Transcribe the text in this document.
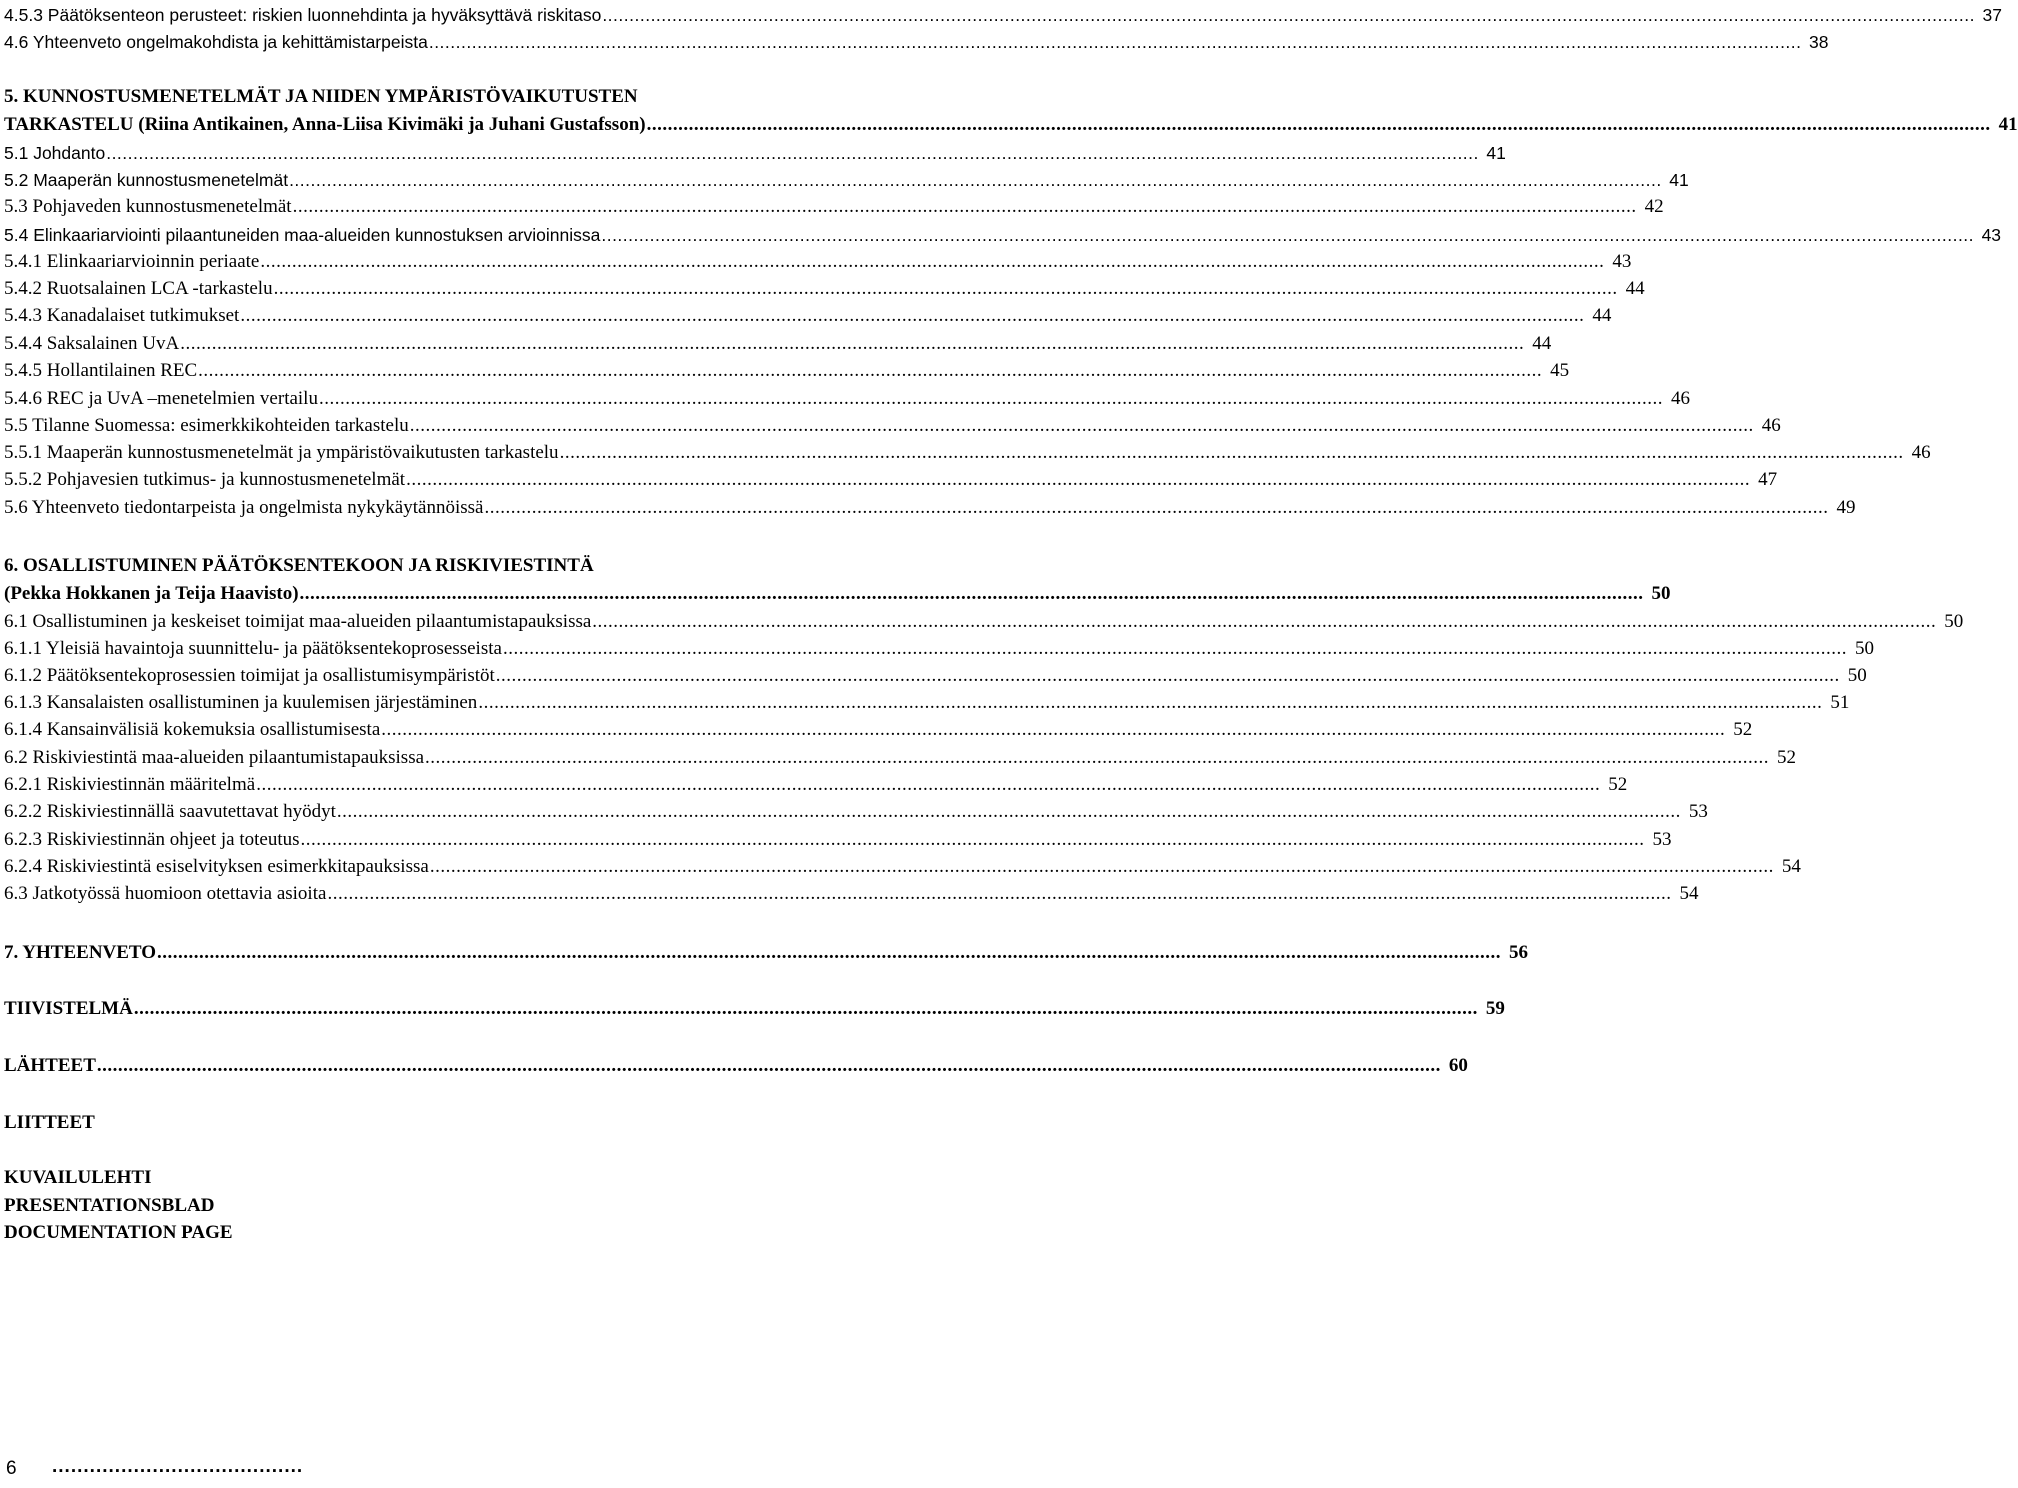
4.5.3 Päätöksenteon perusteet: riskien luonnehdinta ja hyväksyttävä riskitaso .....	37
4.6 Yhteenveto ongelmakohdista ja kehittämistarpeista .....	38
5. KUNNOSTUSMENETELMÄT JA NIIDEN YMPÄRISTÖVAIKUTUSTEN
TARKASTELU (Riina Antikainen, Anna-Liisa Kivimäki ja Juhani Gustafsson) .....	41
5.1 Johdanto .....	41
5.2 Maaperän kunnostusmenetelmät .....	41
5.3 Pohjaveden kunnostusmenetelmät .....	42
5.4 Elinkaariarviointi pilaantuneiden maa-alueiden kunnostuksen arvioinnissa .....	43
5.4.1 Elinkaariarvioinnin periaate .....	43
5.4.2 Ruotsalainen LCA -tarkastelu .....	44
5.4.3 Kanadalaiset tutkimukset .....	44
5.4.4 Saksalainen UvA .....	44
5.4.5 Hollantilainen REC .....	45
5.4.6 REC ja UvA –menetelmien vertailu .....	46
5.5 Tilanne Suomessa: esimerkkikohteiden tarkastelu .....	46
5.5.1 Maaperän kunnostusmenetelmät ja ympäristövaikutusten tarkastelu .....	46
5.5.2 Pohjavesien tutkimus- ja kunnostusmenetelmät .....	47
5.6 Yhteenveto tiedontarpeista ja ongelmista nykykäytännöissä .....	49
6. OSALLISTUMINEN PÄÄTÖKSENTEKOON JA RISKIVIESTINTÄ
(Pekka Hokkanen ja Teija Haavisto) .....	50
6.1 Osallistuminen ja keskeiset toimijat maa-alueiden pilaantumistapauksissa .....	50
6.1.1 Yleisiä havaintoja suunnittelu- ja päätöksentekoprosesseista .....	50
6.1.2 Päätöksentekoprosessien toimijat ja osallistumisympäristöt .....	50
6.1.3 Kansalaisten osallistuminen ja kuulemisen järjestäminen .....	51
6.1.4 Kansainvälisiä kokemuksia osallistumisesta .....	52
6.2 Riskiviestintä maa-alueiden pilaantumistapauksissa .....	52
6.2.1 Riskiviestinnän määritelmä .....	52
6.2.2 Riskiviestinnällä saavutettavat hyödyt .....	53
6.2.3 Riskiviestinnän ohjeet ja toteutus .....	53
6.2.4 Riskiviestintä esiselvityksen esimerkkitapauksissa .....	54
6.3 Jatkotyössä huomioon otettavia asioita .....	54
7. YHTEENVETO .....	56
TIIVISTELMÄ .....	59
LÄHTEET .....	60
LIITTEET
KUVAILULEHTI
PRESENTATIONSBLAD
DOCUMENTATION PAGE
6 ........................................
